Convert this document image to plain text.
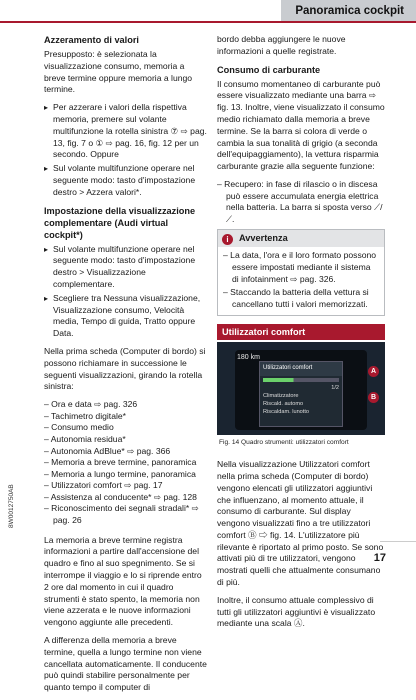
Panoramica cockpit
Azzeramento di valori

Presupposto: è selezionata la visualizzazione consumo, memoria a breve termine oppure memoria a lungo termine.

▸ Per azzerare i valori della rispettiva memoria, premere sul volante multifunzione la rotella sinistra ⑦ ⇨ pag. 13, fig. 7 o ① ⇨ pag. 16, fig. 12 per un secondo. Oppure

▸ Sul volante multifunzione operare nel seguente modo: tasto d'impostazione destro > Azzera valori*.

Impostazione della visualizzazione complementare (Audi virtual cockpit*)

▸ Sul volante multifunzione operare nel seguente modo: tasto d'impostazione destro > Visualizzazione complementare.

▸ Scegliere tra Nessuna visualizzazione, Visualizzazione consumo, Velocità media, Tempo di guida, Tratto oppure Data.

Nella prima scheda (Computer di bordo) si possono richiamare in successione le seguenti visualizzazioni, girando la rotella sinistra:

– Ora e data ⇨ pag. 326

– Tachimetro digitale*

– Consumo medio

– Autonomia residua*

– Autonomia AdBlue* ⇨ pag. 366

– Memoria a breve termine, panoramica

– Memoria a lungo termine, panoramica

– Utilizzatori comfort ⇨ pag. 17

– Assistenza al conducente* ⇨ pag. 128

– Riconoscimento dei segnali stradali* ⇨ pag. 26

La memoria a breve termine registra informazioni a partire dall'accensione del quadro e fino al suo spegnimento. Se si interrompe il viaggio e lo si riprende entro 2 ore dal momento in cui il quadro strumenti è stato spento, la memoria non viene azzerata e le nuove informazioni vengono aggiunte alle precedenti.

A differenza della memoria a breve termine, quella a lungo termine non viene cancellata automaticamente. Il conducente può quindi stabilire personalmente per quanto tempo il computer di

bordo debba aggiungere le nuove informazioni a quelle registrate.

Consumo di carburante

Il consumo momentaneo di carburante può essere visualizzato mediante una barra ⇨ fig. 13. Inoltre, viene visualizzato il consumo medio richiamato dalla memoria a breve termine. Se la barra si colora di verde o cambia la sua tonalità di grigio (a seconda dell'equipaggiamento), la vettura risparmia carburante grazie alla seguente funzione:

– Recupero: in fase di rilascio o in discesa può essere accumulata energia elettrica nella batteria. La barra si sposta verso ⟋/⟋.

i Avvertenza

– La data, l'ora e il loro formato possono essere impostati mediante il sistema di infotainment ⇨ pag. 326.

– Staccando la batteria della vettura si cancellano tutti i valori memorizzati.

Utilizzatori comfort
180 km
Utilizzatori comfort
1/2
Climatizzatore
Riscald. automo
Riscaldam. lunotto
A
B
Fig. 14 Quadro strumenti: utilizzatori comfort

Nella visualizzazione Utilizzatori comfort nella prima scheda (Computer di bordo) vengono elencati gli utilizzatori aggiuntivi che influenzano, al momento attuale, il consumo di carburante. Sul display vengono visualizzati fino a tre utilizzatori comfort Ⓑ ⇨ fig. 14. L'utilizzatore più rilevante è riportato al primo posto. Se sono attivati più di tre utilizzatori, vengono mostrati quelli che attualmente consumano di più.

Inoltre, il consumo attuale complessivo di tutti gli utilizzatori aggiuntivi è visualizzato mediante una scala Ⓐ.

8W0012750AB
17
